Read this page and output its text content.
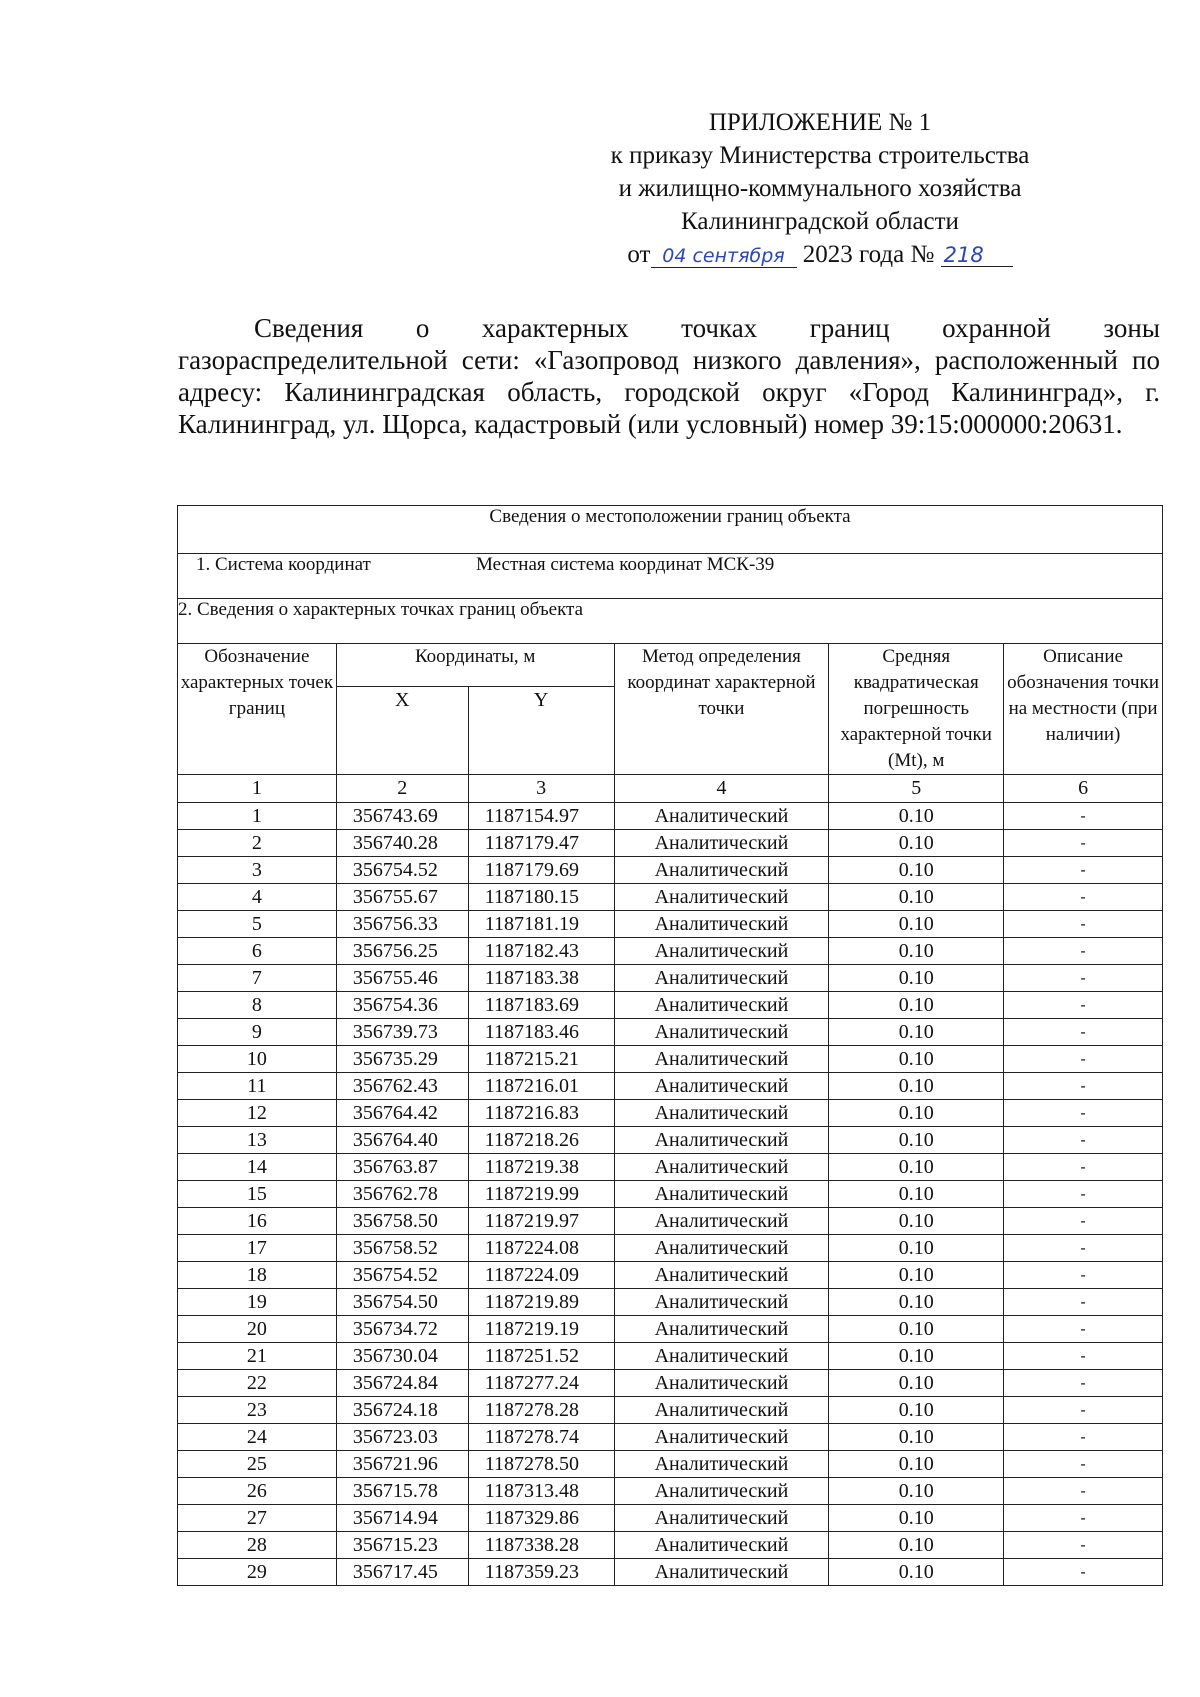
ПРИЛОЖЕНИЕ № 1
к приказу Министерства строительства
и жилищно-коммунального хозяйства
Калининградской области
от 04 сентября 2023 года № 218
Сведения о характерных точках границ охранной зоны газораспределительной сети: «Газопровод низкого давления», расположенный по адресу: Калининградская область, городской округ «Город Калининград», г. Калининград, ул. Щорса, кадастровый (или условный) номер 39:15:000000:20631.
Сведения о местоположении границ объекта					
1. Система координат Местная система координат МСК-39					
2. Сведения о характерных точках границ объекта					
Обозначение характерных точек границ	Координаты, м		Метод определения координат характерной точки	Средняя квадратическая погрешность характерной точки (Mt), м	Описание обозначения точки на местности (при наличии)
	X	Y			
1	2	3	4	5	6
1	356743.69	1187154.97	Аналитический	0.10	-
2	356740.28	1187179.47	Аналитический	0.10	-
3	356754.52	1187179.69	Аналитический	0.10	-
4	356755.67	1187180.15	Аналитический	0.10	-
5	356756.33	1187181.19	Аналитический	0.10	-
6	356756.25	1187182.43	Аналитический	0.10	-
7	356755.46	1187183.38	Аналитический	0.10	-
8	356754.36	1187183.69	Аналитический	0.10	-
9	356739.73	1187183.46	Аналитический	0.10	-
10	356735.29	1187215.21	Аналитический	0.10	-
11	356762.43	1187216.01	Аналитический	0.10	-
12	356764.42	1187216.83	Аналитический	0.10	-
13	356764.40	1187218.26	Аналитический	0.10	-
14	356763.87	1187219.38	Аналитический	0.10	-
15	356762.78	1187219.99	Аналитический	0.10	-
16	356758.50	1187219.97	Аналитический	0.10	-
17	356758.52	1187224.08	Аналитический	0.10	-
18	356754.52	1187224.09	Аналитический	0.10	-
19	356754.50	1187219.89	Аналитический	0.10	-
20	356734.72	1187219.19	Аналитический	0.10	-
21	356730.04	1187251.52	Аналитический	0.10	-
22	356724.84	1187277.24	Аналитический	0.10	-
23	356724.18	1187278.28	Аналитический	0.10	-
24	356723.03	1187278.74	Аналитический	0.10	-
25	356721.96	1187278.50	Аналитический	0.10	-
26	356715.78	1187313.48	Аналитический	0.10	-
27	356714.94	1187329.86	Аналитический	0.10	-
28	356715.23	1187338.28	Аналитический	0.10	-
29	356717.45	1187359.23	Аналитический	0.10	-
